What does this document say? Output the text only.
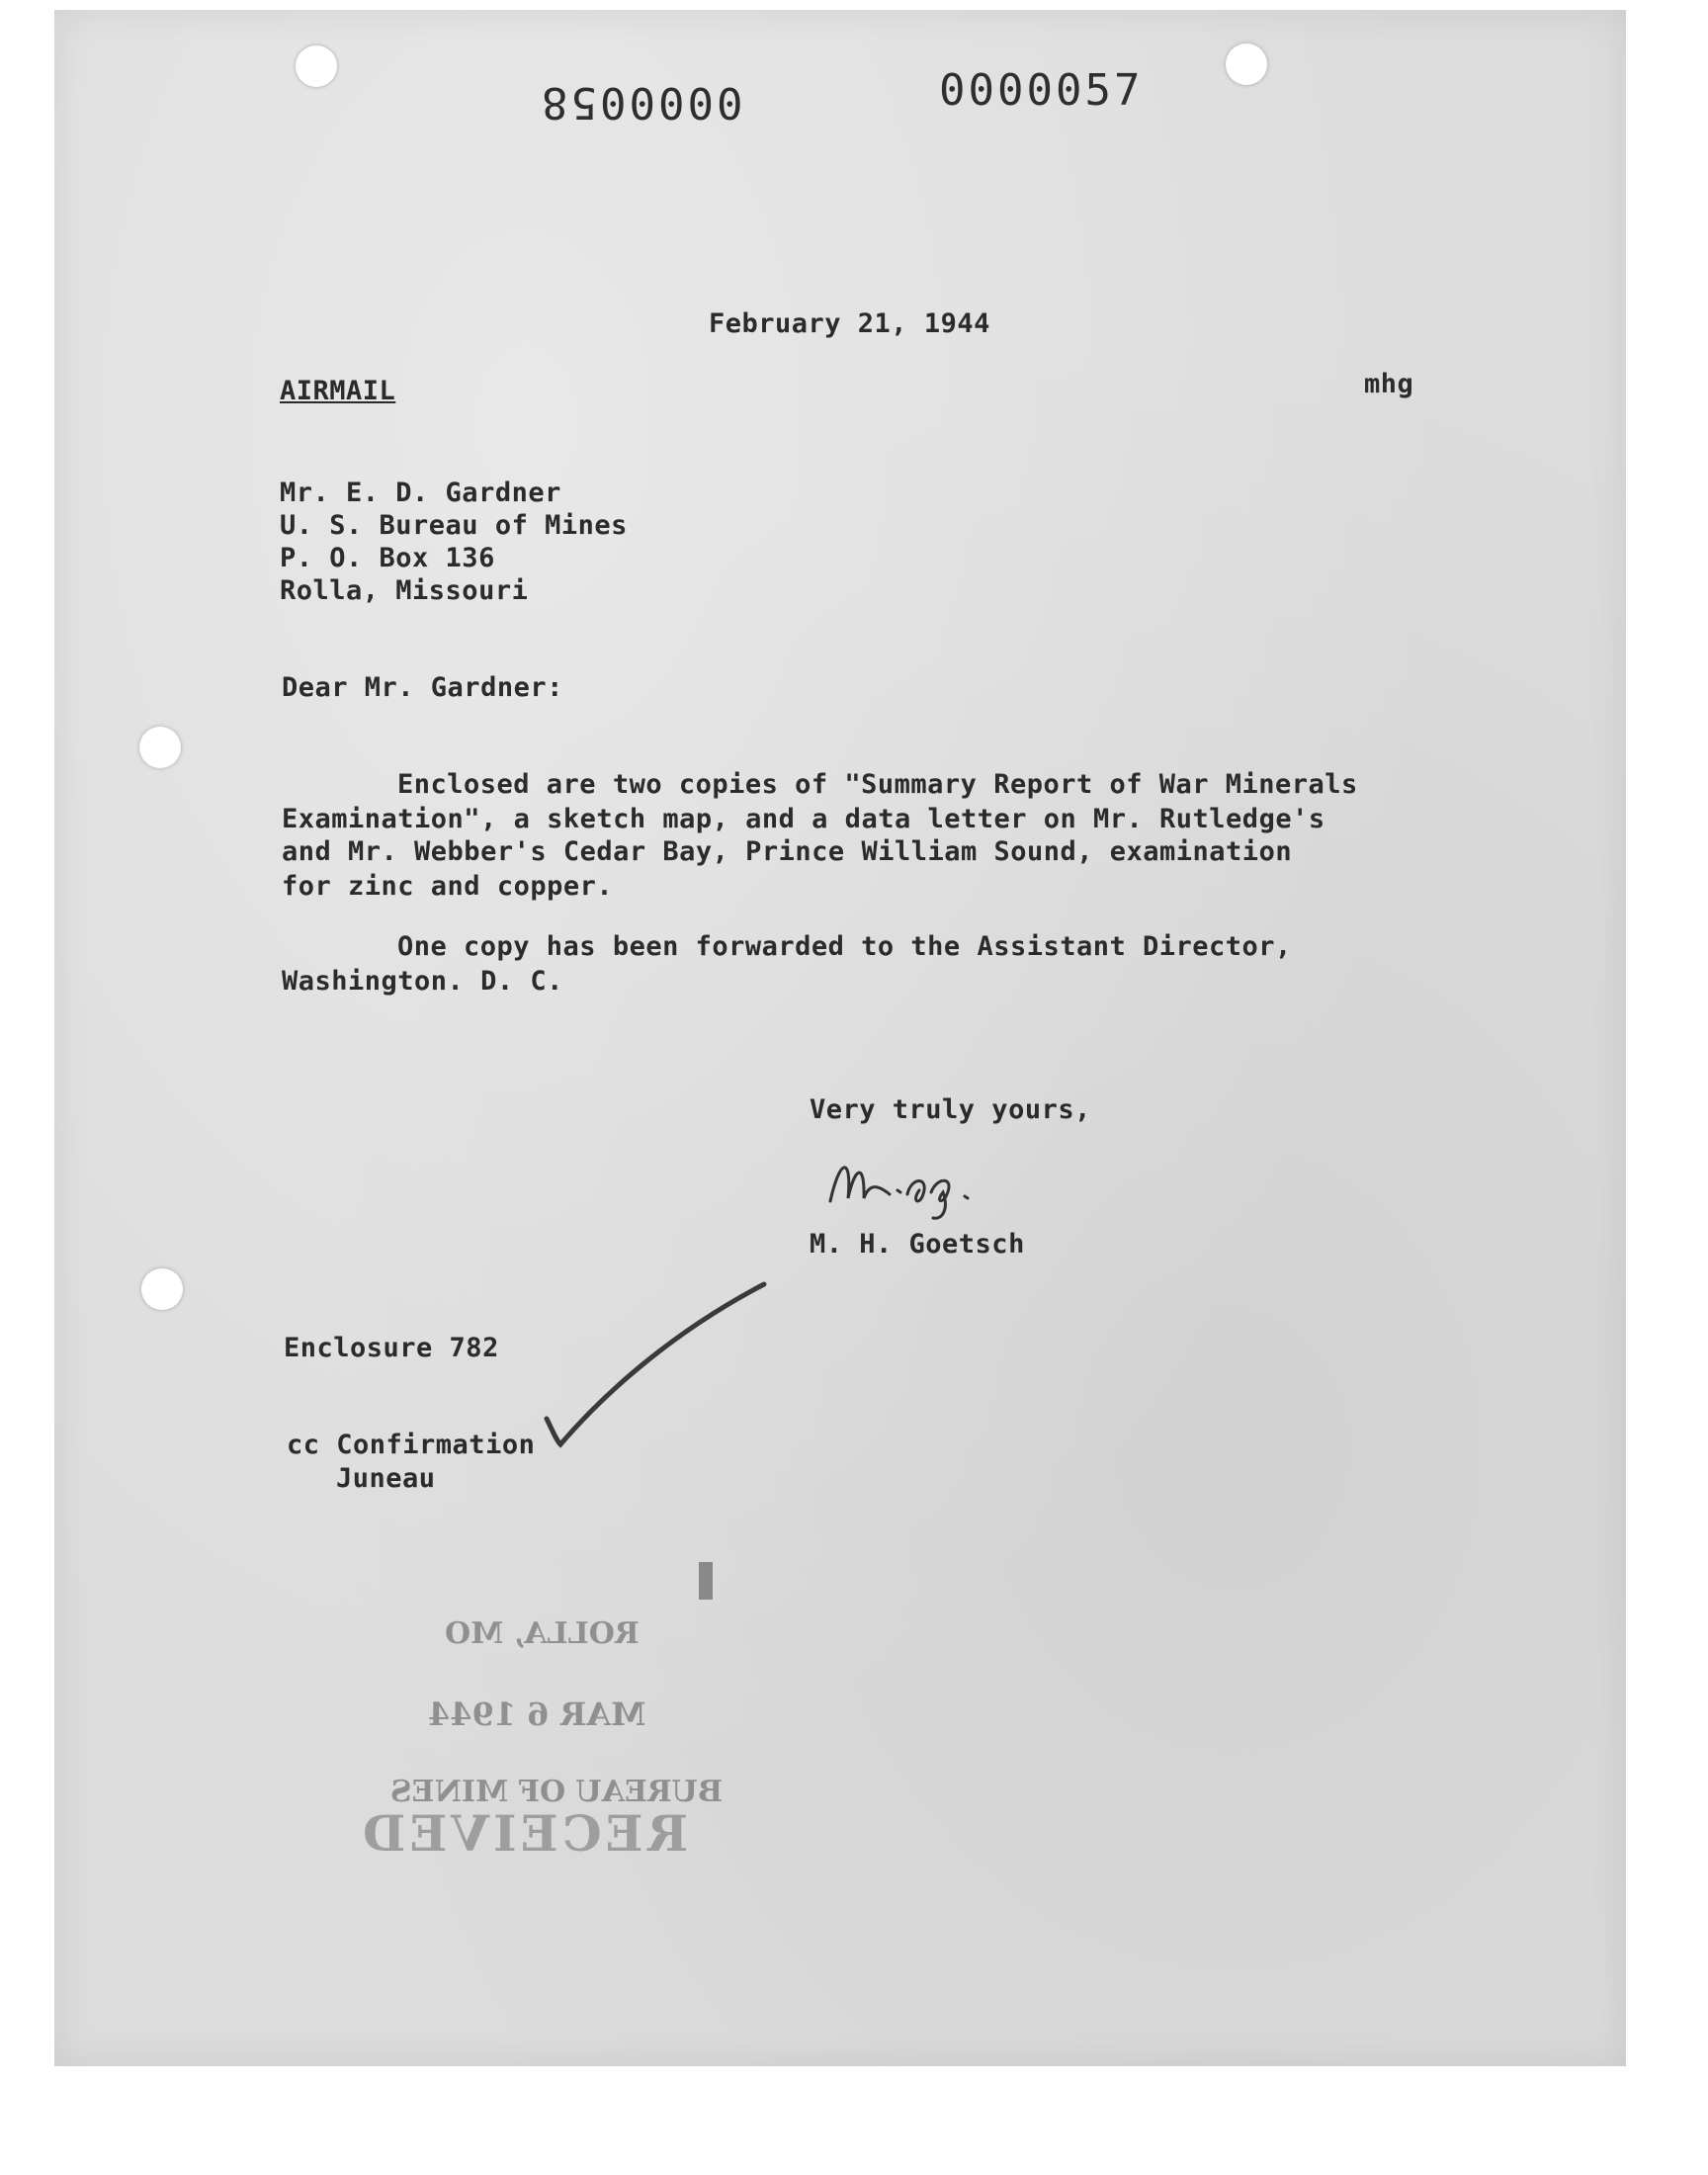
0000058	0000057
February 21, 1944
AIRMAIL	mhg
Mr. E. D. Gardner
U. S. Bureau of Mines
P. O. Box 136
Rolla, Missouri
Dear Mr. Gardner:
Enclosed are two copies of "Summary Report of War Minerals
Examination", a sketch map, and a data letter on Mr. Rutledge's
and Mr. Webber's Cedar Bay, Prince William Sound, examination
for zinc and copper.
One copy has been forwarded to the Assistant Director,
Washington. D. C.
Very truly yours,
M. H. Goetsch
Enclosure 782
cc Confirmation
Juneau
ROLLA, MO
MAR 6 1944
BUREAU OF MINES
RECEIVED
